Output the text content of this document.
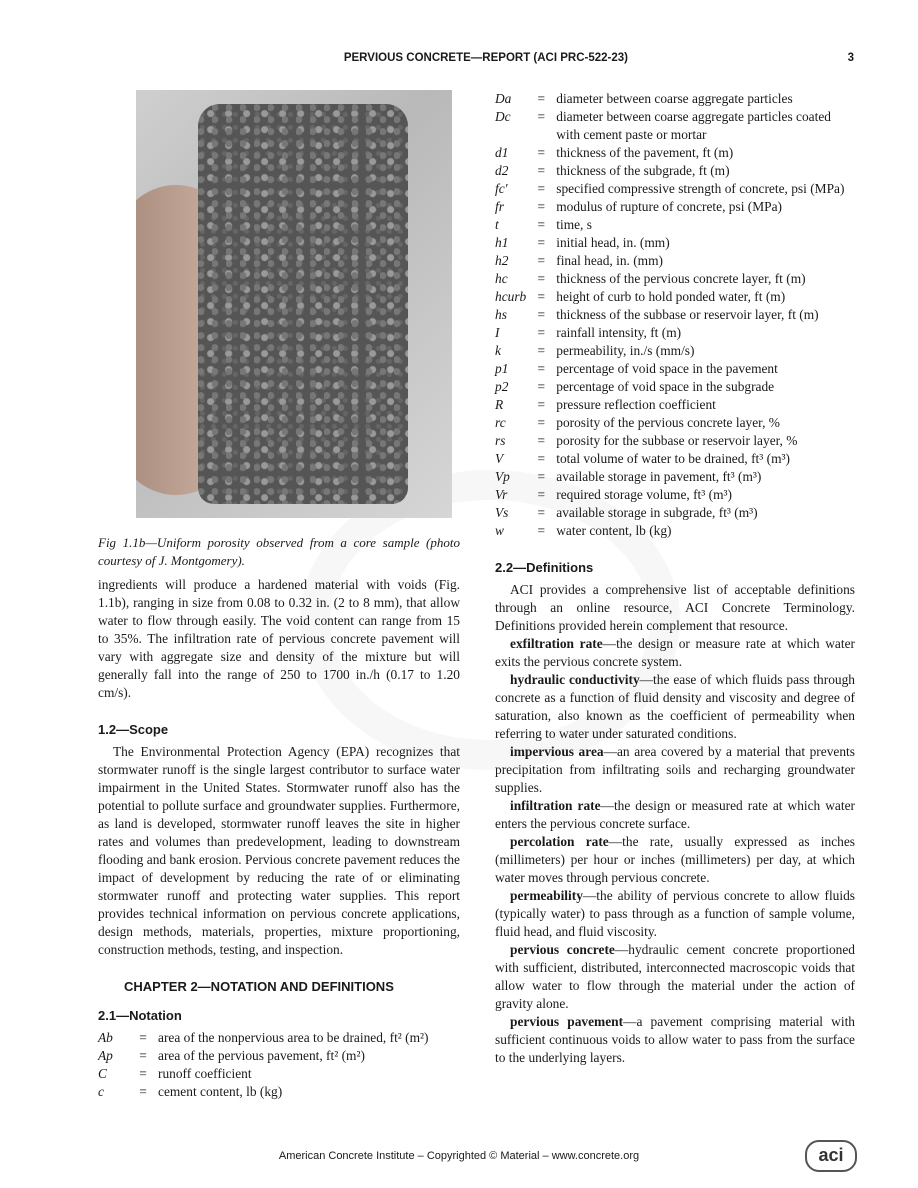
PERVIOUS CONCRETE—REPORT (ACI PRC-522-23)	3
Fig 1.1b—Uniform porosity observed from a core sample (photo courtesy of J. Montgomery).

ingredients will produce a hardened material with voids (Fig. 1.1b), ranging in size from 0.08 to 0.32 in. (2 to 8 mm), that allow water to flow through easily. The void content can range from 15 to 35%. The infiltration rate of pervious concrete pavement will vary with aggregate size and density of the mixture but will generally fall into the range of 250 to 1700 in./h (0.17 to 1.20 cm/s).

1.2—Scope

The Environmental Protection Agency (EPA) recognizes that stormwater runoff is the single largest contributor to surface water impairment in the United States. Stormwater runoff also has the potential to pollute surface and groundwater supplies. Furthermore, as land is developed, stormwater runoff leaves the site in higher rates and volumes than predevelopment, leading to downstream flooding and bank erosion. Pervious concrete pavement reduces the impact of development by reducing the rate of or eliminating stormwater runoff and protecting water supplies. This report provides technical information on pervious concrete applications, design methods, materials, properties, mixture proportioning, construction methods, testing, and inspection.

CHAPTER 2—NOTATION AND DEFINITIONS
2.1—Notation
Ab	=	area of the nonpervious area to be drained, ft² (m²)
Ap	=	area of the pervious pavement, ft² (m²)
C	=	runoff coefficient
c	=	cement content, lb (kg)
Da	=	diameter between coarse aggregate particles
Dc	=	diameter between coarse aggregate particles coated with cement paste or mortar
d1	=	thickness of the pavement, ft (m)
d2	=	thickness of the subgrade, ft (m)
fc′	=	specified compressive strength of concrete, psi (MPa)
fr	=	modulus of rupture of concrete, psi (MPa)
t	=	time, s
h1	=	initial head, in. (mm)
h2	=	final head, in. (mm)
hc	=	thickness of the pervious concrete layer, ft (m)
hcurb	=	height of curb to hold ponded water, ft (m)
hs	=	thickness of the subbase or reservoir layer, ft (m)
I	=	rainfall intensity, ft (m)
k	=	permeability, in./s (mm/s)
p1	=	percentage of void space in the pavement
p2	=	percentage of void space in the subgrade
R	=	pressure reflection coefficient
rc	=	porosity of the pervious concrete layer, %
rs	=	porosity for the subbase or reservoir layer, %
V	=	total volume of water to be drained, ft³ (m³)
Vp	=	available storage in pavement, ft³ (m³)
Vr	=	required storage volume, ft³ (m³)
Vs	=	available storage in subgrade, ft³ (m³)
w	=	water content, lb (kg)
2.2—Definitions

ACI provides a comprehensive list of acceptable definitions through an online resource, ACI Concrete Terminology. Definitions provided herein complement that resource.

exfiltration rate—the design or measure rate at which water exits the pervious concrete system.

hydraulic conductivity—the ease of which fluids pass through concrete as a function of fluid density and viscosity and degree of saturation, also known as the coefficient of permeability when referring to water under saturated conditions.

impervious area—an area covered by a material that prevents precipitation from infiltrating soils and recharging groundwater supplies.

infiltration rate—the design or measured rate at which water enters the pervious concrete surface.

percolation rate—the rate, usually expressed as inches (millimeters) per hour or inches (millimeters) per day, at which water moves through pervious concrete.

permeability—the ability of pervious concrete to allow fluids (typically water) to pass through as a function of sample volume, fluid head, and fluid viscosity.

pervious concrete—hydraulic cement concrete proportioned with sufficient, distributed, interconnected macroscopic voids that allow water to flow through the material under the action of gravity alone.

pervious pavement—a pavement comprising material with sufficient continuous voids to allow water to pass from the surface to the underlying layers.

American Concrete Institute – Copyrighted © Material – www.concrete.org	aci
